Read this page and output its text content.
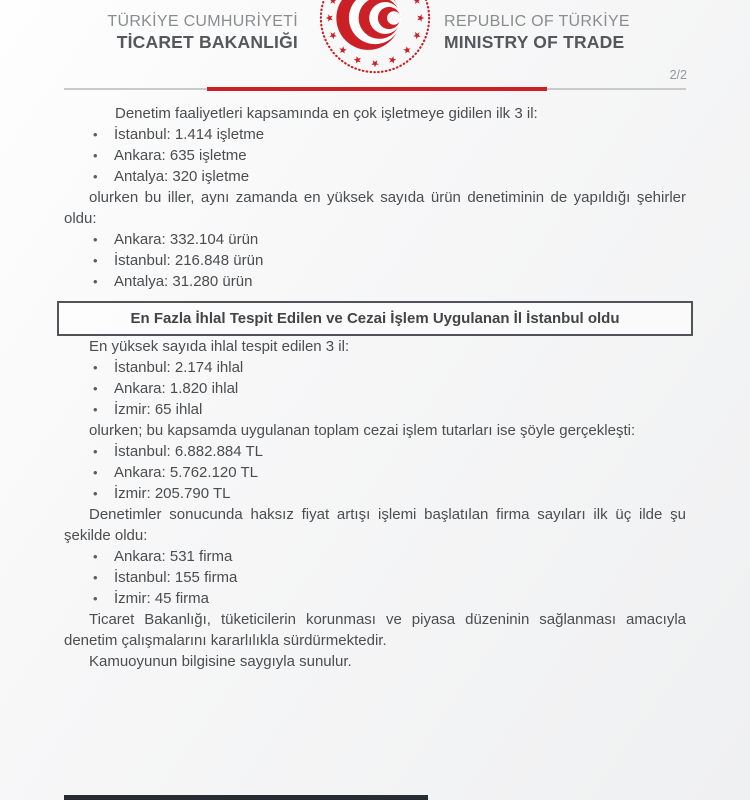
TÜRKİYE CUMHURİYETİ
TİCARET BAKANLIĞI
REPUBLIC OF TÜRKİYE
MINISTRY OF TRADE
2/2

Denetim faaliyetleri kapsamında en çok işletmeye gidilen ilk 3 il:

• İstanbul: 1.414 işletme
• Ankara: 635 işletme
• Antalya: 320 işletme

olurken bu iller, aynı zamanda en yüksek sayıda ürün denetiminin de yapıldığı şehirler oldu:

• Ankara: 332.104 ürün
• İstanbul: 216.848 ürün
• Antalya: 31.280 ürün
En Fazla İhlal Tespit Edilen ve Cezai İşlem Uygulanan İl İstanbul oldu

En yüksek sayıda ihlal tespit edilen 3 il:

• İstanbul: 2.174 ihlal
• Ankara: 1.820 ihlal
• İzmir: 65 ihlal

olurken; bu kapsamda uygulanan toplam cezai işlem tutarları ise şöyle gerçekleşti:

• İstanbul: 6.882.884 TL
• Ankara: 5.762.120 TL
• İzmir: 205.790 TL

Denetimler sonucunda haksız fiyat artışı işlemi başlatılan firma sayıları ilk üç ilde şu şekilde oldu:

• Ankara: 531 firma
• İstanbul: 155 firma
• İzmir: 45 firma

Ticaret Bakanlığı, tüketicilerin korunması ve piyasa düzeninin sağlanması amacıyla denetim çalışmalarını kararlılıkla sürdürmektedir.

Kamuoyunun bilgisine saygıyla sunulur.
